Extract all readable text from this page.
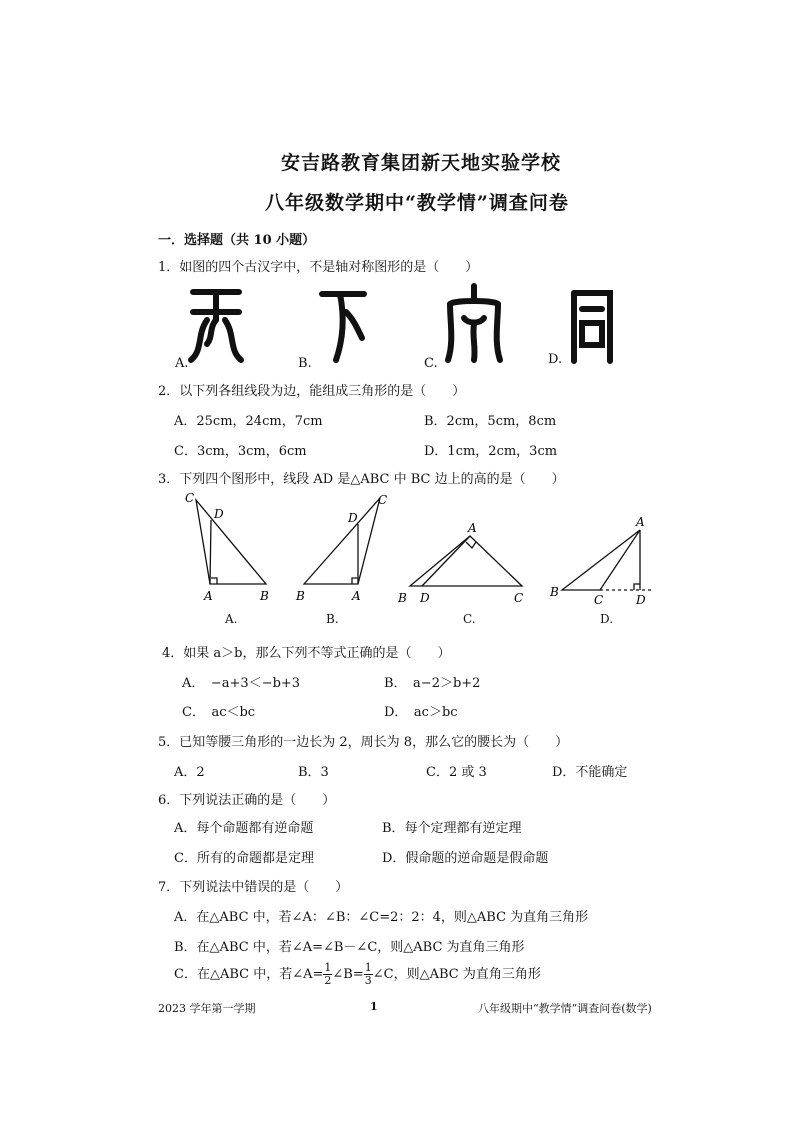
安吉路教育集团新天地实验学校
八年级数学期中“教学情”调查问卷
一．选择题（共 10 小题）
1．如图的四个古汉字中，不是轴对称图形的是（　　）
A.	B.	C.	D.
2．以下列各组线段为边，能组成三角形的是（　　）
A．25cm，24cm，7cm	B．2cm，5cm，8cm
C．3cm，3cm，6cm	D．1cm，2cm，3cm
3．下列四个图形中，线段 AD 是△ABC 中 BC 边上的高的是（　　）
C
D
A	B
A.
C
D
B	A
B.
A
B D	C
C.
A
B
C	D
D.
4．如果 a＞b，那么下列不等式正确的是（　　）
A．　−a+3＜−b+3	B．　a−2＞b+2
C．　ac＜bc	D．　ac＞bc
5．已知等腰三角形的一边长为 2，周长为 8，那么它的腰长为（　　）
A．2	B．3	C．2 或 3	D．不能确定
6．下列说法正确的是（　　）
A．每个命题都有逆命题	B．每个定理都有逆定理
C．所有的命题都是定理	D．假命题的逆命题是假命题
7．下列说法中错误的是（　　）
A．在△ABC 中，若∠A：∠B：∠C=2：2：4，则△ABC 为直角三角形
B．在△ABC 中，若∠A=∠B－∠C，则△ABC 为直角三角形
C．在△ABC 中，若∠A= $\frac{1}{2}$ ∠B= $\frac{1}{3}$ ∠C，则△ABC 为直角三角形
2023 学年第一学期	1	八年级期中“教学情”调查问卷(数学)
